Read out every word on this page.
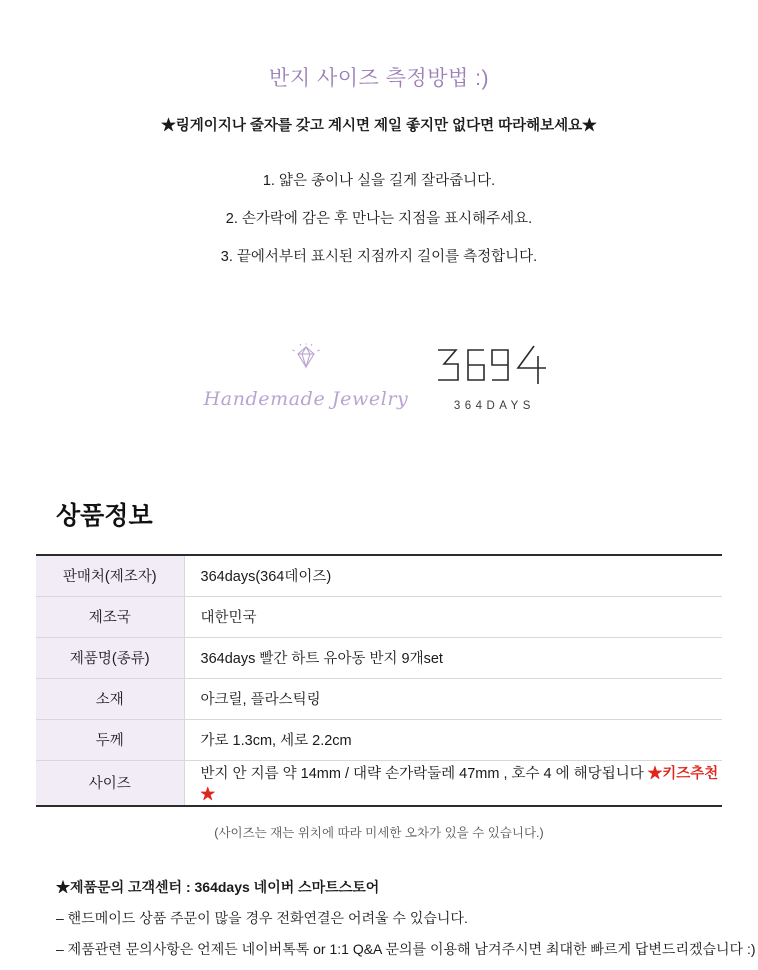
반지 사이즈 측정방법 :)
★링게이지나 줄자를 갖고 계시면 제일 좋지만 없다면 따라해보세요★
1. 얇은 종이나 실을 길게 잘라줍니다.
2. 손가락에 감은 후 만나는 지점을 표시해주세요.
3. 끝에서부터 표시된 지점까지 길이를 측정합니다.
Handemade Jewelry	364DAYS
상품정보
판매처(제조자)	364days(364데이즈)
제조국	대한민국
제품명(종류)	364days 빨간 하트 유아동 반지 9개set
소재	아크릴, 플라스틱링
두께	가로 1.3cm, 세로 2.2cm
사이즈	반지 안 지름 약 14mm / 대략 손가락둘레 47mm , 호수 4 에 해당됩니다 ★키즈추천★
(사이즈는 재는 위치에 따라 미세한 오차가 있을 수 있습니다.)
★제품문의 고객센터 : 364days 네이버 스마트스토어
– 핸드메이드 상품 주문이 많을 경우 전화연결은 어려울 수 있습니다.
– 제품관련 문의사항은 언제든 네이버톡톡 or 1:1 Q&A 문의를 이용해 남겨주시면 최대한 빠르게 답변드리겠습니다 :)
